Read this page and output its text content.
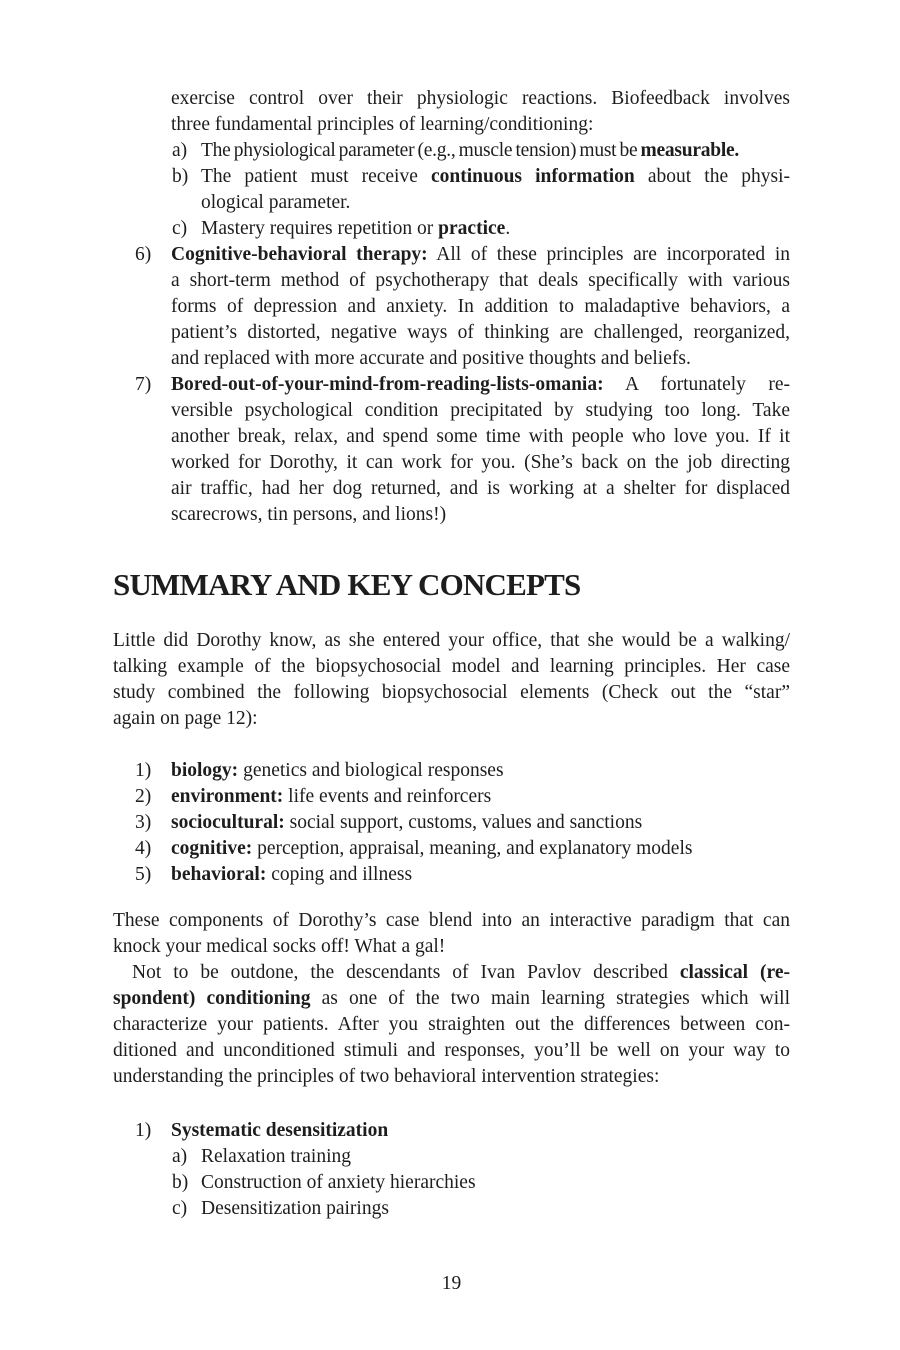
exercise control over their physiologic reactions. Biofeedback involves
three fundamental principles of learning/conditioning:
a) The physiological parameter (e.g., muscle tension) must be measurable.
b) The patient must receive continuous information about the physi-
ological parameter.
c) Mastery requires repetition or practice.
6) Cognitive-behavioral therapy: All of these principles are incorporated in
a short-term method of psychotherapy that deals specifically with various
forms of depression and anxiety. In addition to maladaptive behaviors, a
patient’s distorted, negative ways of thinking are challenged, reorganized,
and replaced with more accurate and positive thoughts and beliefs.
7) Bored-out-of-your-mind-from-reading-lists-omania: A fortunately re-
versible psychological condition precipitated by studying too long. Take
another break, relax, and spend some time with people who love you. If it
worked for Dorothy, it can work for you. (She’s back on the job directing
air traffic, had her dog returned, and is working at a shelter for displaced
scarecrows, tin persons, and lions!)
SUMMARY AND KEY CONCEPTS
Little did Dorothy know, as she entered your office, that she would be a walking/
talking example of the biopsychosocial model and learning principles. Her case
study combined the following biopsychosocial elements (Check out the “star”
again on page 12):
1) biology: genetics and biological responses
2) environment: life events and reinforcers
3) sociocultural: social support, customs, values and sanctions
4) cognitive: perception, appraisal, meaning, and explanatory models
5) behavioral: coping and illness
These components of Dorothy’s case blend into an interactive paradigm that can
knock your medical socks off! What a gal!
Not to be outdone, the descendants of Ivan Pavlov described classical (re-
spondent) conditioning as one of the two main learning strategies which will
characterize your patients. After you straighten out the differences between con-
ditioned and unconditioned stimuli and responses, you’ll be well on your way to
understanding the principles of two behavioral intervention strategies:
1) Systematic desensitization
a) Relaxation training
b) Construction of anxiety hierarchies
c) Desensitization pairings
19
